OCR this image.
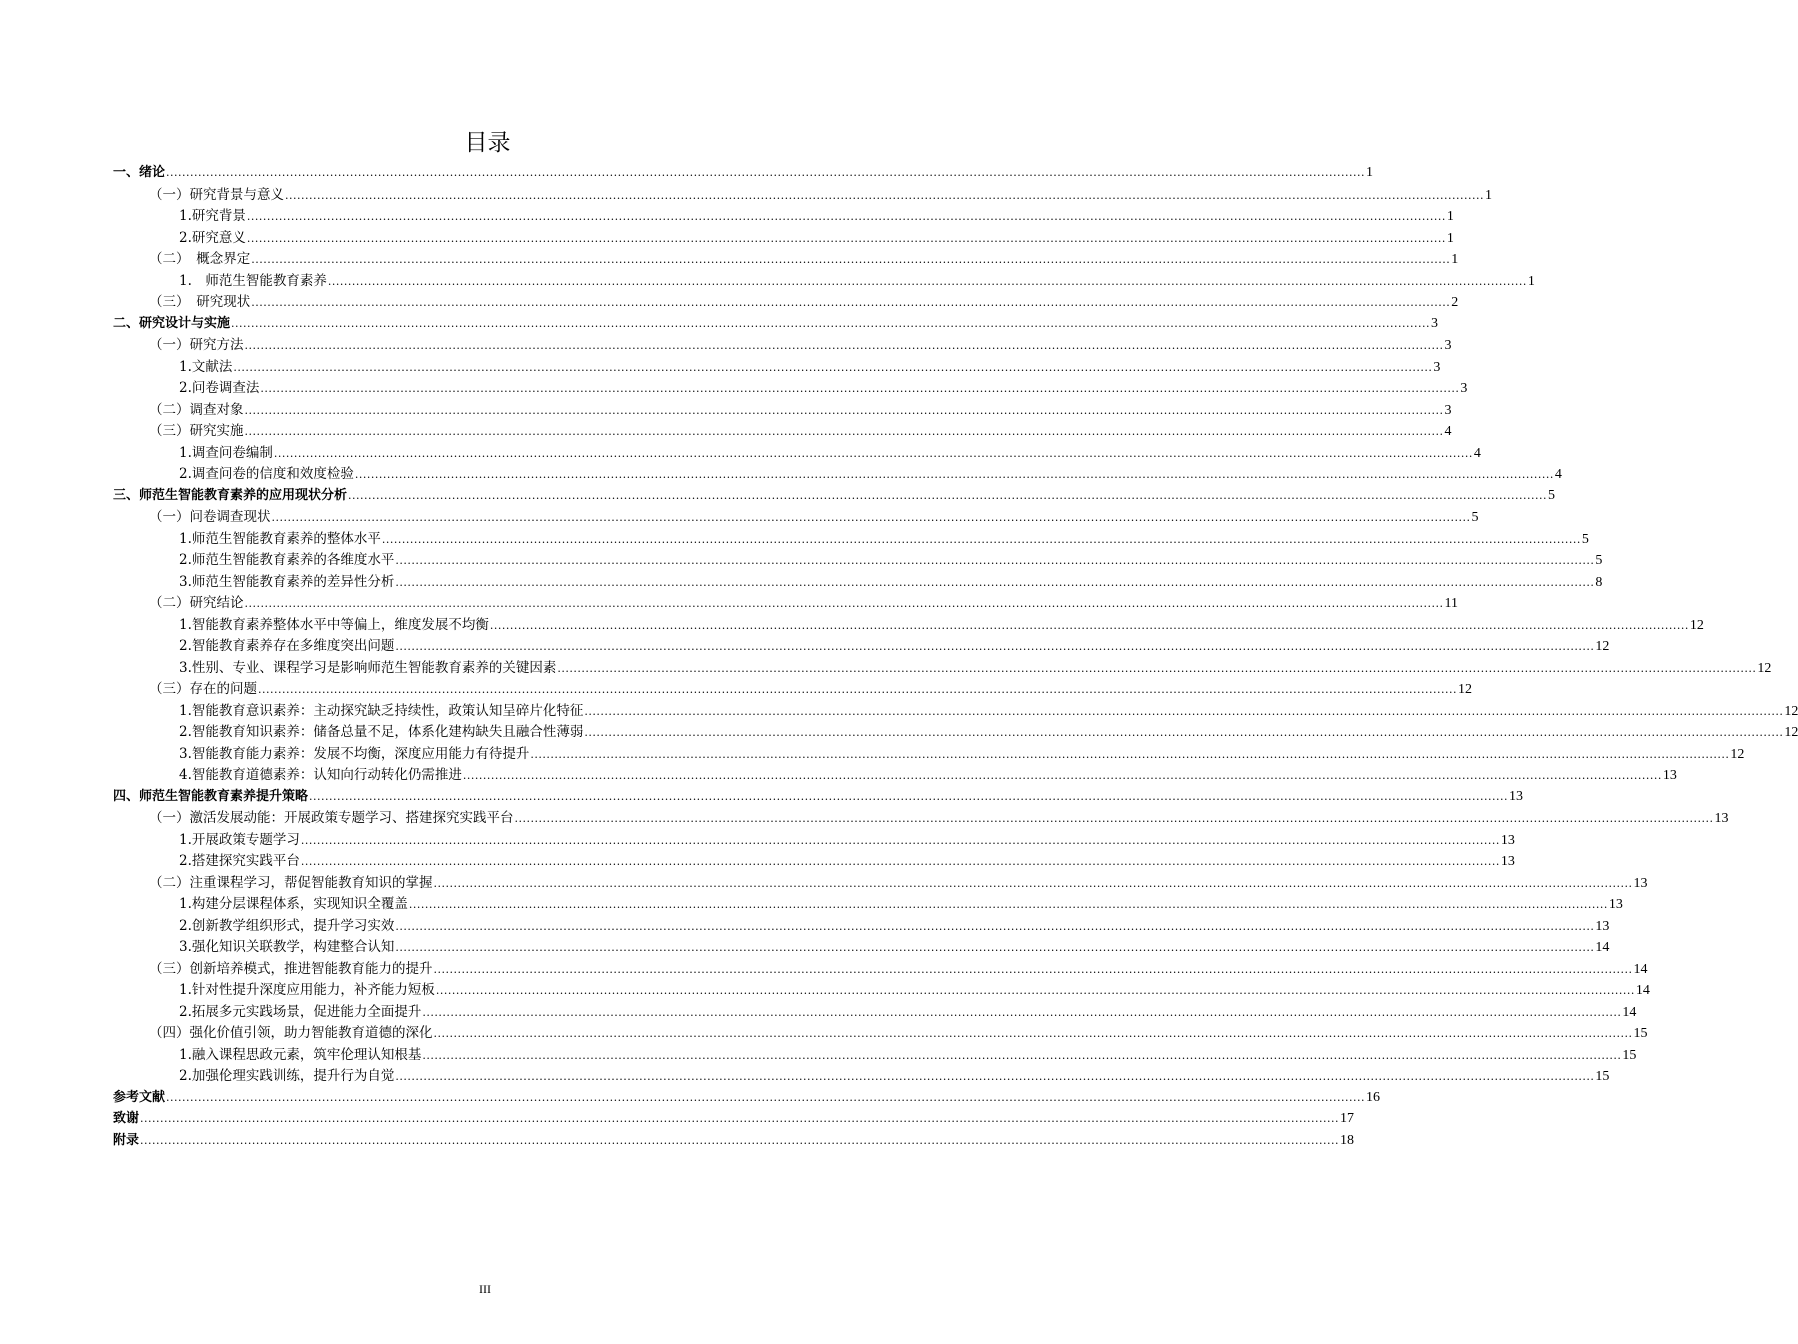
目录
一、绪论 ............................................................................................................................................................................................................................................................................................................ 1
（一）研究背景与意义 ............................................................................................................................................................................................................................................................................................................ 1
1.研究背景 ............................................................................................................................................................................................................................................................................................................ 1
2.研究意义 ............................................................................................................................................................................................................................................................................................................ 1
（二）　概念界定 ............................................................................................................................................................................................................................................................................................................ 1
1.　师范生智能教育素养 ............................................................................................................................................................................................................................................................................................................ 1
（三）　研究现状 ............................................................................................................................................................................................................................................................................................................ 2
二、研究设计与实施 ............................................................................................................................................................................................................................................................................................................ 3
（一）研究方法 ............................................................................................................................................................................................................................................................................................................ 3
1.文献法 ............................................................................................................................................................................................................................................................................................................ 3
2.问卷调查法 ............................................................................................................................................................................................................................................................................................................ 3
（二）调查对象 ............................................................................................................................................................................................................................................................................................................ 3
（三）研究实施 ............................................................................................................................................................................................................................................................................................................ 4
1.调查问卷编制 ............................................................................................................................................................................................................................................................................................................ 4
2.调查问卷的信度和效度检验 ............................................................................................................................................................................................................................................................................................................ 4
三、师范生智能教育素养的应用现状分析 ............................................................................................................................................................................................................................................................................................................ 5
（一）问卷调查现状 ............................................................................................................................................................................................................................................................................................................ 5
1.师范生智能教育素养的整体水平 ............................................................................................................................................................................................................................................................................................................ 5
2.师范生智能教育素养的各维度水平 ............................................................................................................................................................................................................................................................................................................ 5
3.师范生智能教育素养的差异性分析 ............................................................................................................................................................................................................................................................................................................ 8
（二）研究结论 ............................................................................................................................................................................................................................................................................................................ 11
1.智能教育素养整体水平中等偏上，维度发展不均衡 ............................................................................................................................................................................................................................................................................................................ 12
2.智能教育素养存在多维度突出问题 ............................................................................................................................................................................................................................................................................................................ 12
3.性别、专业、课程学习是影响师范生智能教育素养的关键因素 ............................................................................................................................................................................................................................................................................................................ 12
（三）存在的问题 ............................................................................................................................................................................................................................................................................................................ 12
1.智能教育意识素养：主动探究缺乏持续性，政策认知呈碎片化特征 ............................................................................................................................................................................................................................................................................................................ 12
2.智能教育知识素养：储备总量不足，体系化建构缺失且融合性薄弱 ............................................................................................................................................................................................................................................................................................................ 12
3.智能教育能力素养：发展不均衡，深度应用能力有待提升 ............................................................................................................................................................................................................................................................................................................ 12
4.智能教育道德素养：认知向行动转化仍需推进 ............................................................................................................................................................................................................................................................................................................ 13
四、师范生智能教育素养提升策略 ............................................................................................................................................................................................................................................................................................................ 13
（一）激活发展动能：开展政策专题学习、搭建探究实践平台 ............................................................................................................................................................................................................................................................................................................ 13
1.开展政策专题学习 ............................................................................................................................................................................................................................................................................................................ 13
2.搭建探究实践平台 ............................................................................................................................................................................................................................................................................................................ 13
（二）注重课程学习，帮促智能教育知识的掌握 ............................................................................................................................................................................................................................................................................................................ 13
1.构建分层课程体系，实现知识全覆盖 ............................................................................................................................................................................................................................................................................................................ 13
2.创新教学组织形式，提升学习实效 ............................................................................................................................................................................................................................................................................................................ 13
3.强化知识关联教学，构建整合认知 ............................................................................................................................................................................................................................................................................................................ 14
（三）创新培养模式，推进智能教育能力的提升 ............................................................................................................................................................................................................................................................................................................ 14
1.针对性提升深度应用能力，补齐能力短板 ............................................................................................................................................................................................................................................................................................................ 14
2.拓展多元实践场景，促进能力全面提升 ............................................................................................................................................................................................................................................................................................................ 14
（四）强化价值引领，助力智能教育道德的深化 ............................................................................................................................................................................................................................................................................................................ 15
1.融入课程思政元素，筑牢伦理认知根基 ............................................................................................................................................................................................................................................................................................................ 15
2.加强伦理实践训练，提升行为自觉 ............................................................................................................................................................................................................................................................................................................ 15
参考文献 ............................................................................................................................................................................................................................................................................................................ 16
致谢 ............................................................................................................................................................................................................................................................................................................ 17
附录 ............................................................................................................................................................................................................................................................................................................ 18
III
